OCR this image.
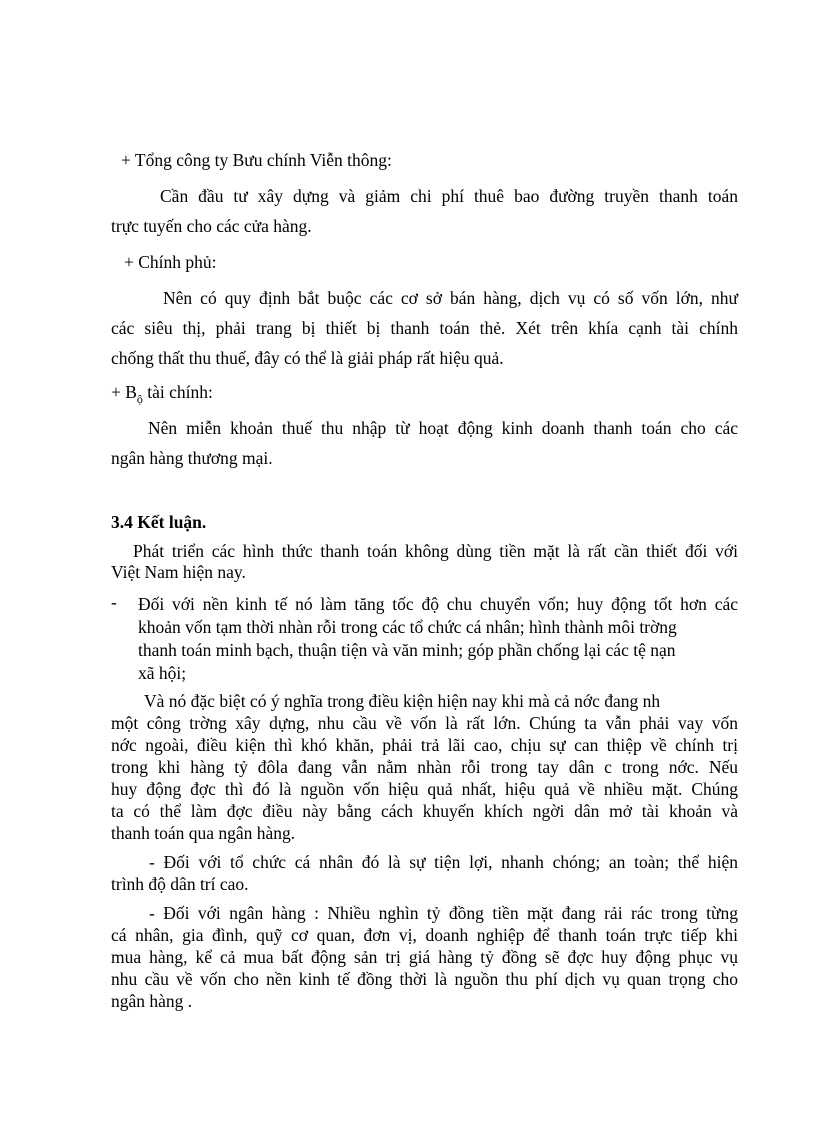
+ Tổng công ty Bưu chính Viễn thông:
Cần đầu tư xây dựng và giảm chi phí thuê bao đường truyền thanh toán
trực tuyến cho các cửa hàng.
+ Chính phủ:
Nên có quy định bắt buộc các cơ sở bán hàng, dịch vụ có số vốn lớn, như
các siêu thị, phải trang bị thiết bị thanh toán thẻ. Xét trên khía cạnh tài chính
chống thất thu thuế, đây có thể là giải pháp rất hiệu quả.
+ $B_ộ$ tài chính:
Nên miễn khoản thuế thu nhập từ hoạt động kinh doanh thanh toán cho các
ngân hàng thương mại.
3.4 Kết luận.
Phát triển các hình thức thanh toán không dùng tiền mặt là rất cần thiết đối với
Việt Nam hiện nay.
- Đối với nền kinh tế nó làm tăng tốc độ chu chuyển vốn; huy động tốt hơn các
khoản vốn tạm thời nhàn rỗi trong các tổ chức cá nhân; hình thành môi trờng
thanh toán minh bạch, thuận tiện và văn minh; góp phần chống lại các tệ nạn
xã hội;
Và nó đặc biệt có ý nghĩa trong điều kiện hiện nay khi mà cả nớc đang nh
một công trờng xây dựng, nhu cầu về vốn là rất lớn. Chúng ta vẫn phải vay vốn
nớc ngoài, điều kiện thì khó khăn, phải trả lãi cao, chịu sự can thiệp về chính trị
trong khi hàng tỷ đôla đang vẫn nằm nhàn rỗi trong tay dân c trong nớc. Nếu
huy động đợc thì đó là nguồn vốn hiệu quả nhất, hiệu quả về nhiều mặt. Chúng
ta có thể làm đợc điều này bằng cách khuyến khích ngời dân mở tài khoản và
thanh toán qua ngân hàng.
- Đối với tổ chức cá nhân đó là sự tiện lợi, nhanh chóng; an toàn; thể hiện
trình độ dân trí cao.
- Đối với ngân hàng : Nhiều nghìn tỷ đồng tiền mặt đang rải rác trong từng
cá nhân, gia đình, quỹ cơ quan, đơn vị, doanh nghiệp để thanh toán trực tiếp khi
mua hàng, kể cả mua bất động sản trị giá hàng tỷ đồng sẽ đợc huy động phục vụ
nhu cầu về vốn cho nền kinh tế đồng thời là nguồn thu phí dịch vụ quan trọng cho
ngân hàng .
